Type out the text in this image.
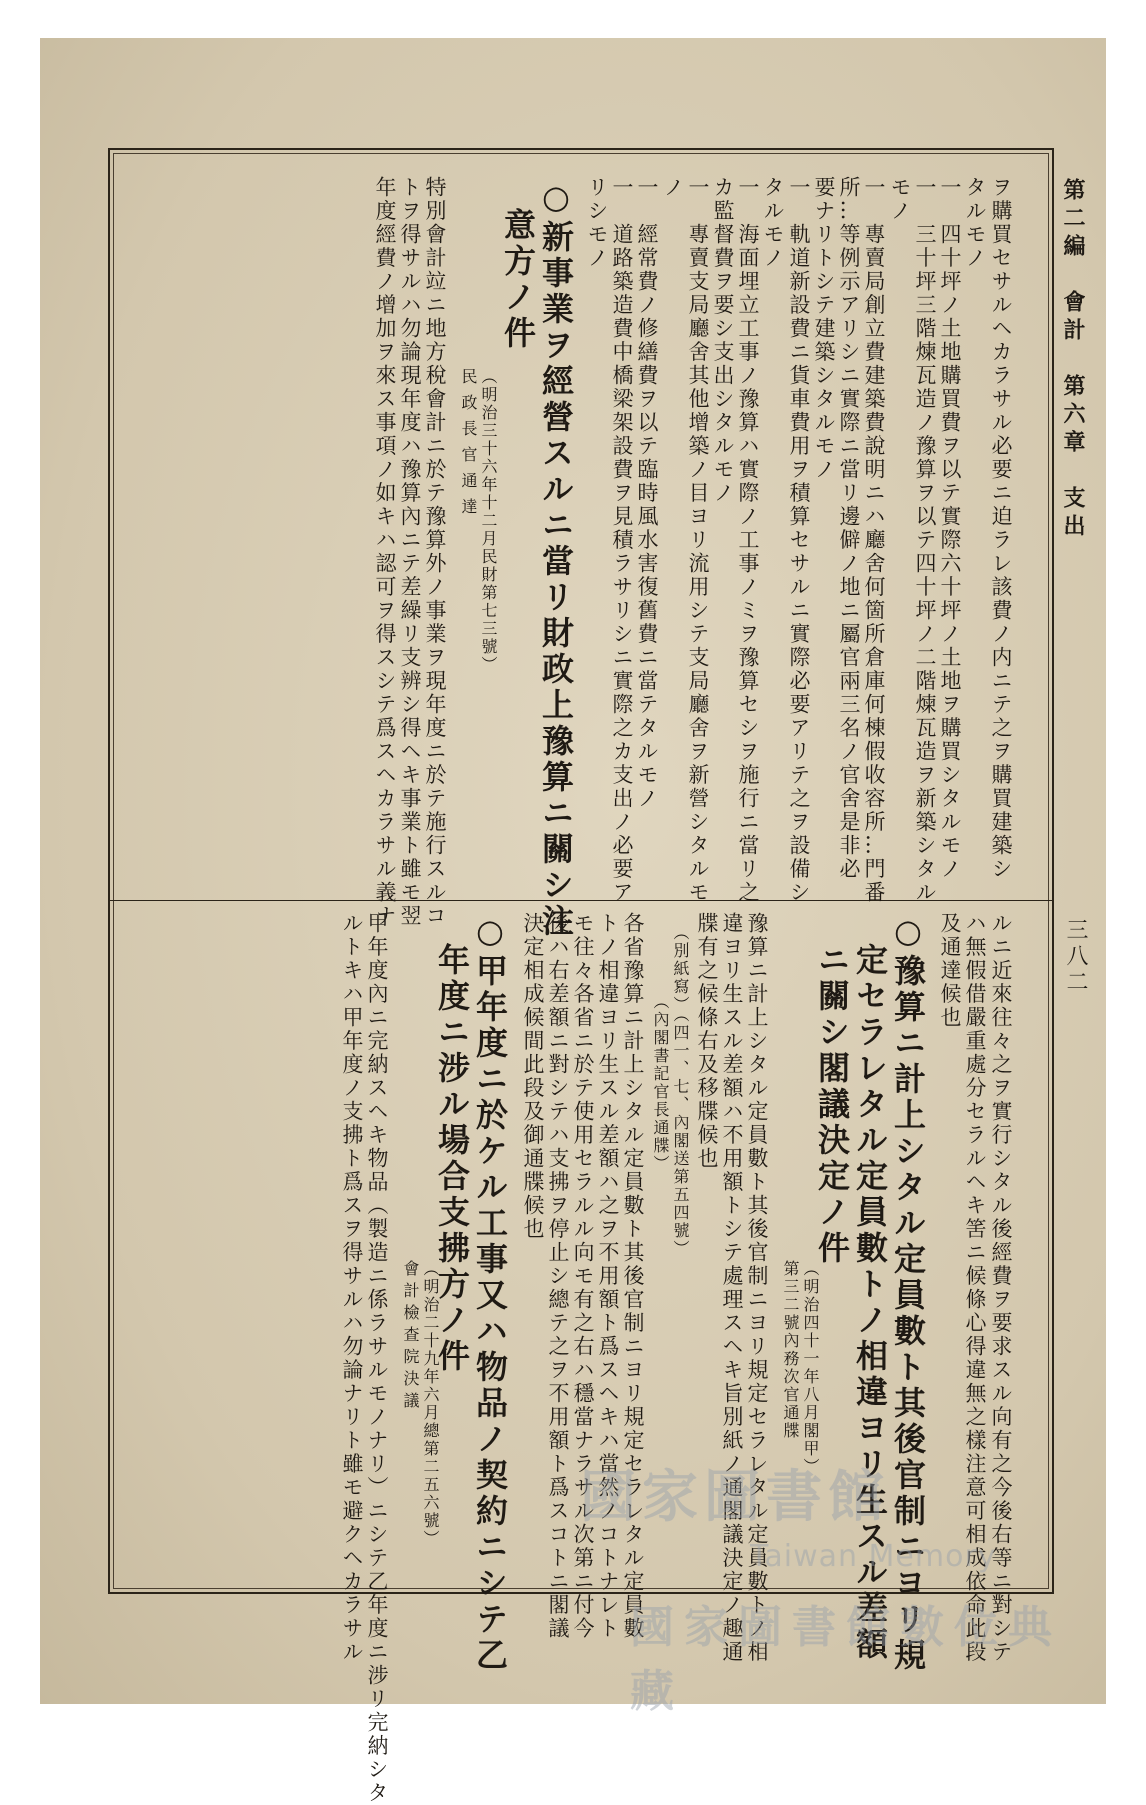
第二編　會計　第六章　支出
三八二
ヲ購買セサルヘカラサル必要ニ迫ラレ該費ノ内ニテ之ヲ購買建築シ
タルモノ
一　四十坪ノ土地購買費ヲ以テ實際六十坪ノ土地ヲ購買シタルモノ
一　三十坪三階煉瓦造ノ豫算ヲ以テ四十坪ノ二階煉瓦造ヲ新築シタル
モノ
一　專賣局創立費建築費說明ニハ廳舍何箇所倉庫何棟假收容所…門番
所…等例示アリシニ實際ニ當リ邊僻ノ地ニ屬官兩三名ノ官舍是非必
要ナリトシテ建築シタルモノ
一　軌道新設費ニ貨車費用ヲ積算セサルニ實際必要アリテ之ヲ設備シ
タルモノ
一　海面埋立工事ノ豫算ハ實際ノ工事ノミヲ豫算セシヲ施行ニ當リ之
カ監督費ヲ要シ支出シタルモノ
一　專賣支局廳舍其他增築ノ目ヨリ流用シテ支局廳舍ヲ新營シタルモ
ノ
一　經常費ノ修繕費ヲ以テ臨時風水害復舊費ニ當テタルモノ
一　道路築造費中橋梁架設費ヲ見積ラサリシニ實際之カ支出ノ必要ア
リシモノ
○新事業ヲ經營スルニ當リ財政上豫算ニ關シ注
意方ノ件
（明治三十六年十二月民財第七三號）
民政長官通達
特別會計竝ニ地方稅會計ニ於テ豫算外ノ事業ヲ現年度ニ於テ施行スルコ
トヲ得サルハ勿論現年度ハ豫算內ニテ差繰リ支辨シ得ヘキ事業ト雖モ翌
年度經費ノ增加ヲ來ス事項ノ如キハ認可ヲ得スシテ爲スヘカラサル義ナ
ルニ近來往々之ヲ實行シタル後經費ヲ要求スル向有之今後右等ニ對シテ
ハ無假借嚴重處分セラルヘキ筈ニ候條心得違無之樣注意可相成依命此段
及通達候也
○豫算ニ計上シタル定員數ト其後官制ニヨリ規
定セラレタル定員數トノ相違ヨリ生スル差額
ニ關シ閣議決定ノ件
（明治四十一年八月閣甲）
第三二號內務次官通牒
豫算ニ計上シタル定員數ト其後官制ニヨリ規定セラレタル定員數トノ相
違ヨリ生スル差額ハ不用額トシテ處理スヘキ旨別紙ノ通閣議決定ノ趣通
牒有之候條右及移牒候也
（別紙寫）（四一、七、內閣送第五四號）
（內閣書記官長通牒）
各省豫算ニ計上シタル定員數ト其後官制ニヨリ規定セラレタル定員數
トノ相違ヨリ生スル差額ハ之ヲ不用額ト爲スヘキハ當然ノコトナレト
モ往々各省ニ於テ使用セラルル向モ有之右ハ穩當ナラサル次第ニ付今
後ハ右差額ニ對シテハ支拂ヲ停止シ總テ之ヲ不用額ト爲スコトニ閣議
決定相成候間此段及御通牒候也
○甲年度ニ於ケル工事又ハ物品ノ契約ニシテ乙
年度ニ涉ル場合支拂方ノ件
（明治二十九年六月總第二五六號）
會計檢查院決議
甲年度內ニ完納スヘキ物品（製造ニ係ラサルモノナリ）ニシテ乙年度ニ涉リ完納シタ
ルトキハ甲年度ノ支拂ト爲スヲ得サルハ勿論ナリト雖モ避クヘカラサル	國家圖書館
Taiwan Memory
國家圖書館數位典藏
